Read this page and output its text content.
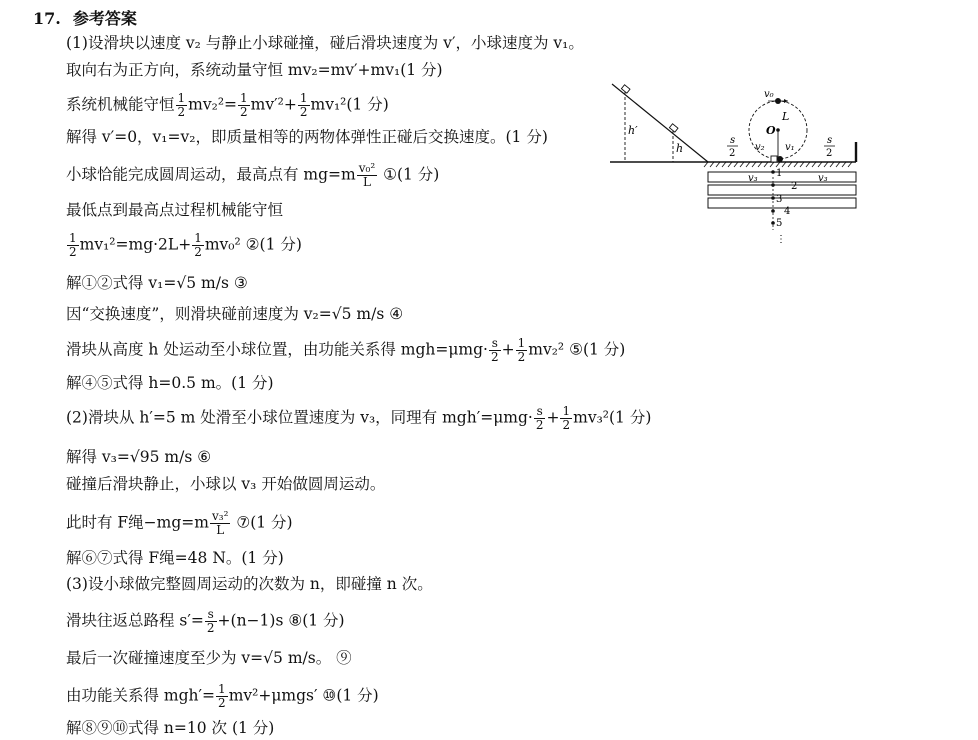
17. 参考答案
(1)设滑块以速度 v₂ 与静止小球碰撞，碰后滑块速度为 v′，小球速度为 v₁。
取向右为正方向，系统动量守恒 mv₂=mv′+mv₁(1 分)
系统机械能守恒 $\frac{1}{2} mv_2^2= \frac{1}{2} mv'^2+ \frac{1}{2} mv_1^2(1$ 分)
解得 v′=0，v₁=v₂，即质量相等的两物体弹性正碰后交换速度。(1 分)
小球恰能完成圆周运动，最高点有 $mg=m \frac{\text{v₀²}}{L}$ ①(1 分)
最低点到最高点过程机械能守恒
$\frac{1}{2} mv_1^2=mg\cdot 2L+ \frac{1}{2} mv_0^2$ ②(1 分)
解①②式得 v₁=√5 m/s ③
因“交换速度”，则滑块碰前速度为 v₂=√5 m/s ④
滑块从高度 h 处运动至小球位置，由功能关系得 $mgh=\mu mg\cdot \frac{s}{2} + \frac{1}{2} mv_2^2$ ⑤(1 分)
解④⑤式得 h=0.5 m。(1 分)
(2)滑块从 h′=5 m 处滑至小球位置速度为 v₃，同理有 $mgh'=\mu mg\cdot \frac{s}{2} + \frac{1}{2} mv_3^2(1$ 分)
解得 v₃=√95 m/s ⑥
碰撞后滑块静止，小球以 v₃ 开始做圆周运动。
此时有 F绳$-mg=m \frac{\text{v₃²}}{L}$ ⑦(1 分)
解⑥⑦式得 F绳=48 N。(1 分)
(3)设小球做完整圆周运动的次数为 n，即碰撞 n 次。
滑块往返总路程 $s'= \frac{s}{2} +(n-1)s$ ⑧(1 分)
最后一次碰撞速度至少为 v=√5 m/s。 ⑨
由功能关系得 $mgh'= \frac{1}{2} mv^2+\mu mgs'$ ⑩(1 分)
解⑧⑨⑩式得 n=10 次 (1 分)
h′
h
O
L
v₀
v₂ v₁
s
2
s
2
v₃	v₃
1
2
3
4
5
⋮
